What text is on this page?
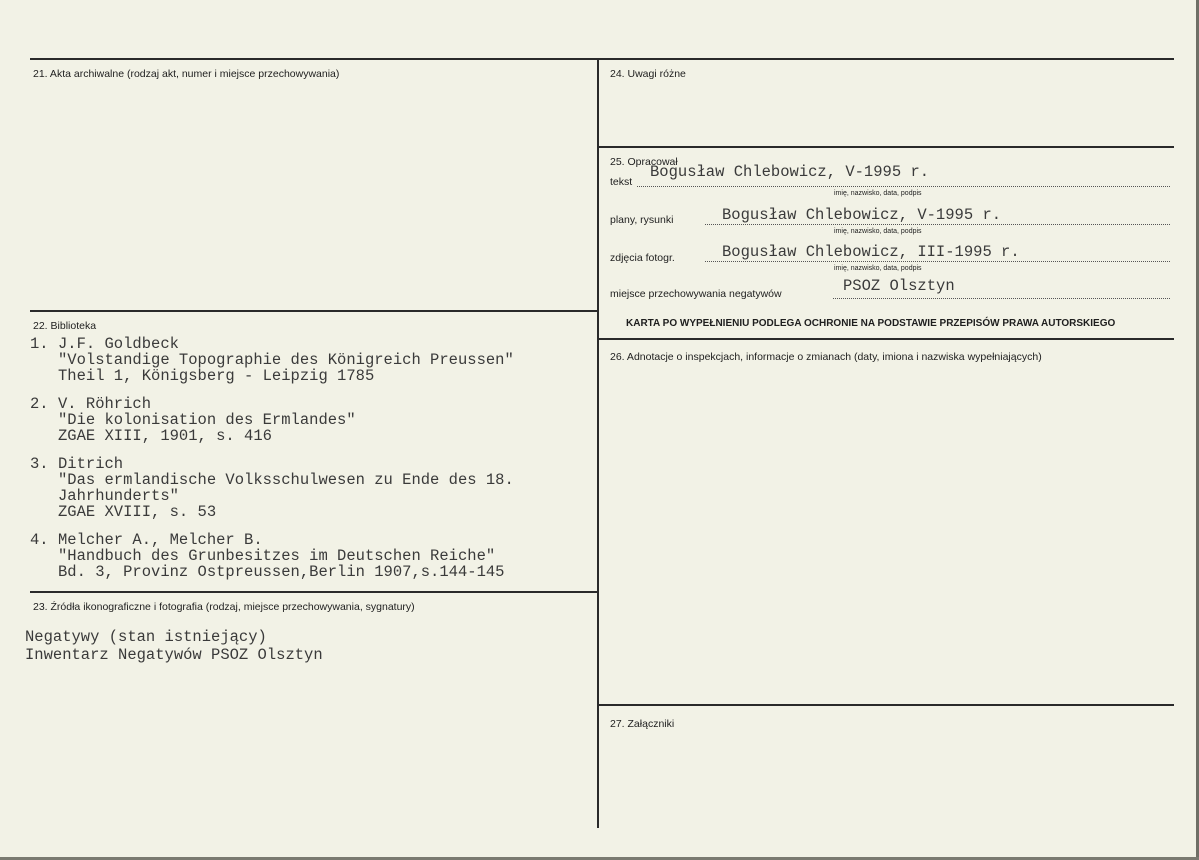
21. Akta archiwalne (rodzaj akt, numer i miejsce przechowywania)
22. Biblioteka
1. J.F. Goldbeck
"Volstandige Topographie des Königreich Preussen"
Theil 1, Königsberg - Leipzig 1785
2. V. Röhrich
"Die kolonisation des Ermlandes"
ZGAE XIII, 1901, s. 416
3. Ditrich
"Das ermlandische Volksschulwesen zu Ende des 18.
Jahrhunderts"
ZGAE XVIII, s. 53
4. Melcher A., Melcher B.
"Handbuch des Grunbesitzes im Deutschen Reiche"
Bd. 3, Provinz Ostpreussen,Berlin 1907,s.144-145
23. Źródła ikonograficzne i fotografia (rodzaj, miejsce przechowywania, sygnatury)
Negatywy (stan istniejący)
Inwentarz Negatywów PSOZ Olsztyn
24. Uwagi różne
25. Opracował
tekst
Bogusław Chlebowicz, V-1995 r.
imię, nazwisko, data, podpis
plany, rysunki	Bogusław Chlebowicz, V-1995 r.
imię, nazwisko, data, podpis
zdjęcia fotogr.	Bogusław Chlebowicz, III-1995 r.
imię, nazwisko, data, podpis
miejsce przechowywania negatywów	PSOZ Olsztyn
KARTA PO WYPEŁNIENIU PODLEGA OCHRONIE NA PODSTAWIE PRZEPISÓW PRAWA AUTORSKIEGO
26. Adnotacje o inspekcjach, informacje o zmianach (daty, imiona i nazwiska wypełniających)
27. Załączniki
